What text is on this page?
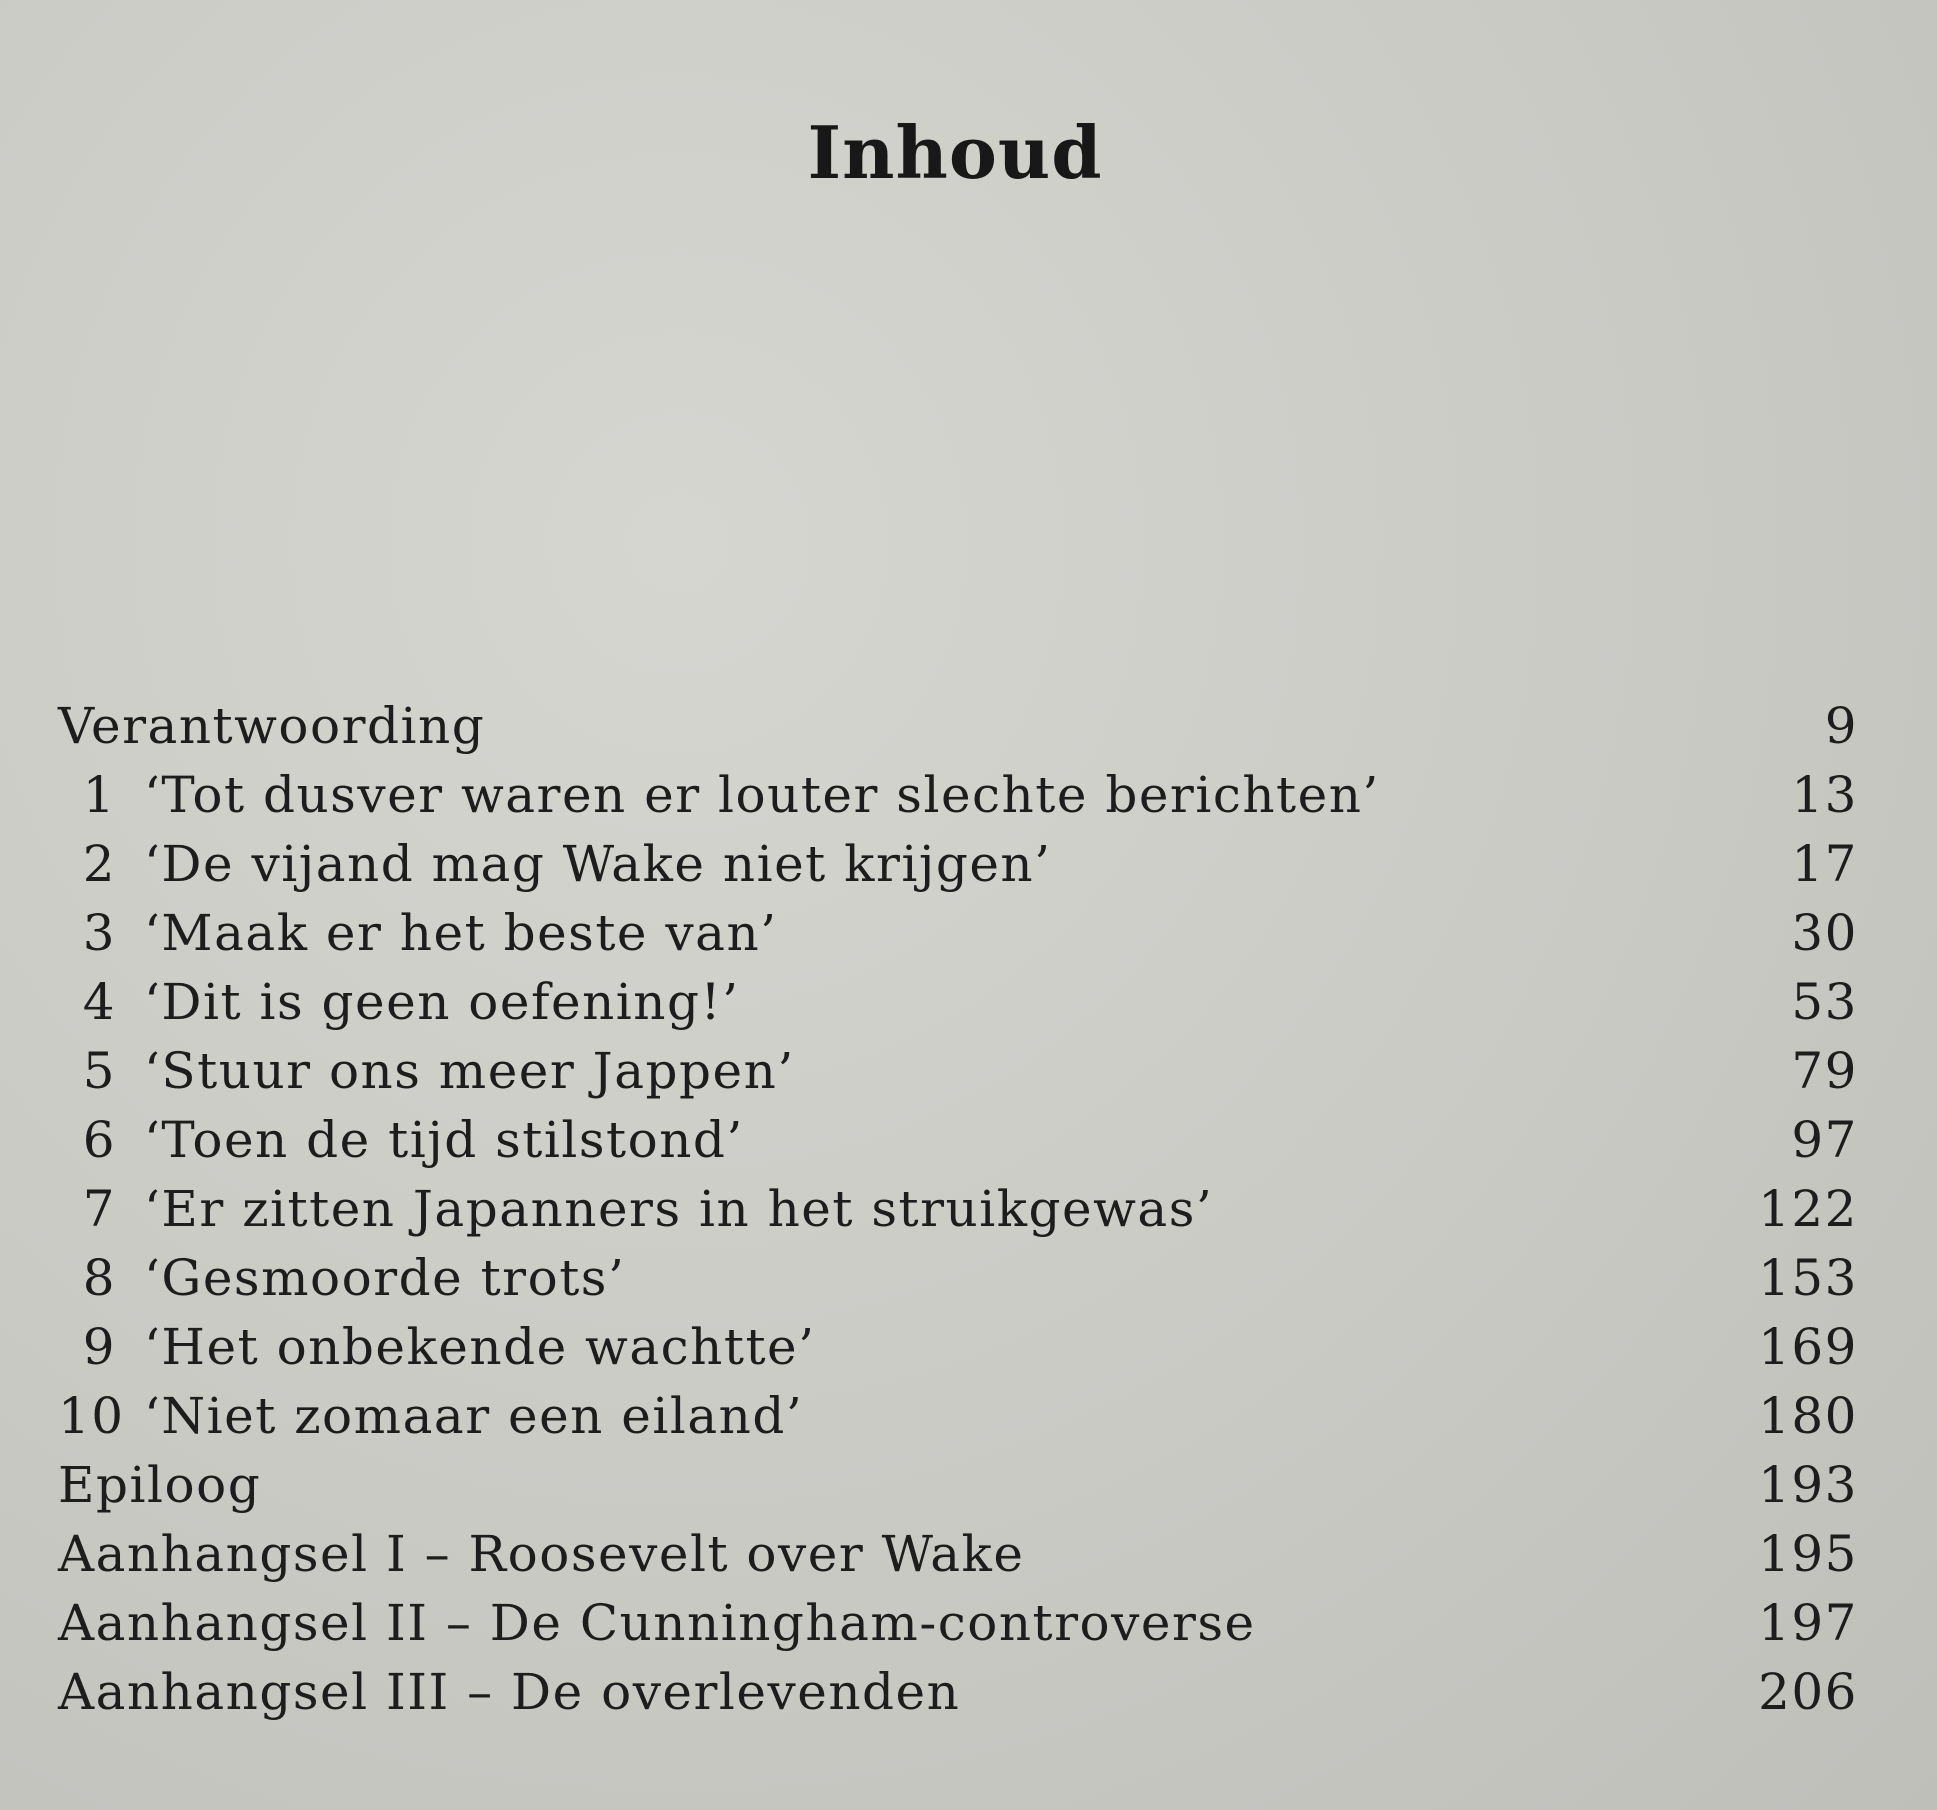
Inhoud
Verantwoording	9
1 ‘Tot dusver waren er louter slechte berichten’	13
2 ‘De vijand mag Wake niet krijgen’	17
3 ‘Maak er het beste van’	30
4 ‘Dit is geen oefening!’	53
5 ‘Stuur ons meer Jappen’	79
6 ‘Toen de tijd stilstond’	97
7 ‘Er zitten Japanners in het struikgewas’	122
8 ‘Gesmoorde trots’	153
9 ‘Het onbekende wachtte’	169
10 ‘Niet zomaar een eiland’	180
Epiloog	193
Aanhangsel I – Roosevelt over Wake	195
Aanhangsel II – De Cunningham-controverse	197
Aanhangsel III – De overlevenden	206
